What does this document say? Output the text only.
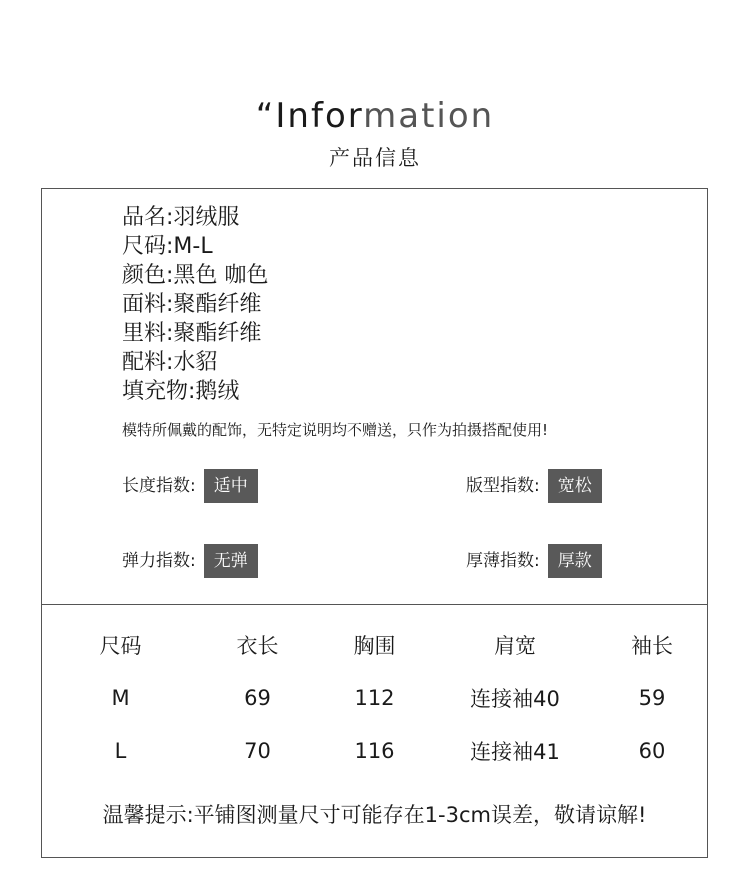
“Information
产品信息
品名:羽绒服
尺码:M-L
颜色:黑色 咖色
面料:聚酯纤维
里料:聚酯纤维
配料:水貂
填充物:鹅绒
模特所佩戴的配饰，无特定说明均不赠送，只作为拍摄搭配使用!
长度指数: 适中	版型指数: 宽松
弹力指数: 无弹	厚薄指数: 厚款
尺码	衣长	胸围	肩宽	袖长
M	69	112	连接袖40	59
L	70	116	连接袖41	60
温馨提示:平铺图测量尺寸可能存在1-3cm误差，敬请谅解!
